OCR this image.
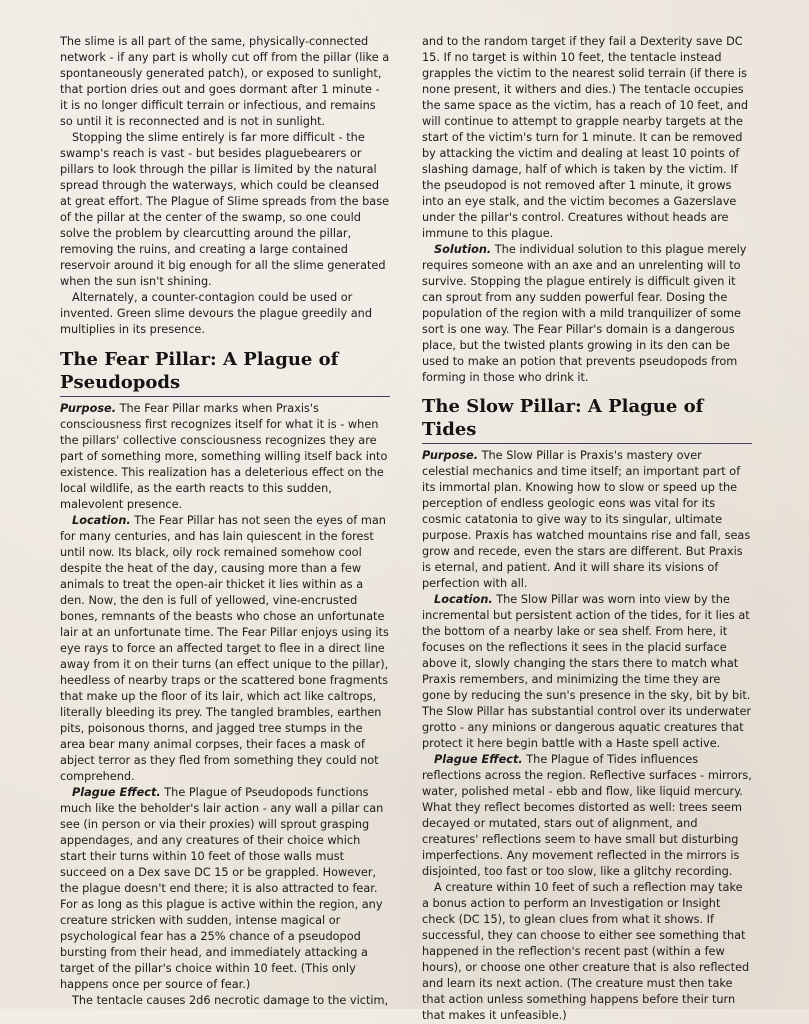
The slime is all part of the same, physically-connected network - if any part is wholly cut off from the pillar (like a spontaneously generated patch), or exposed to sunlight, that portion dries out and goes dormant after 1 minute - it is no longer difficult terrain or infectious, and remains so until it is reconnected and is not in sunlight.

Stopping the slime entirely is far more difficult - the swamp's reach is vast - but besides plaguebearers or pillars to look through the pillar is limited by the natural spread through the waterways, which could be cleansed at great effort. The Plague of Slime spreads from the base of the pillar at the center of the swamp, so one could solve the problem by clearcutting around the pillar, removing the ruins, and creating a large contained reservoir around it big enough for all the slime generated when the sun isn't shining.

Alternately, a counter-contagion could be used or invented. Green slime devours the plague greedily and multiplies in its presence.

The Fear Pillar: A Plague of Pseudopods

Purpose. The Fear Pillar marks when Praxis's consciousness first recognizes itself for what it is - when the pillars' collective consciousness recognizes they are part of something more, something willing itself back into existence. This realization has a deleterious effect on the local wildlife, as the earth reacts to this sudden, malevolent presence.

Location. The Fear Pillar has not seen the eyes of man for many centuries, and has lain quiescent in the forest until now. Its black, oily rock remained somehow cool despite the heat of the day, causing more than a few animals to treat the open-air thicket it lies within as a den. Now, the den is full of yellowed, vine-encrusted bones, remnants of the beasts who chose an unfortunate lair at an unfortunate time. The Fear Pillar enjoys using its eye rays to force an affected target to flee in a direct line away from it on their turns (an effect unique to the pillar), heedless of nearby traps or the scattered bone fragments that make up the floor of its lair, which act like caltrops, literally bleeding its prey. The tangled brambles, earthen pits, poisonous thorns, and jagged tree stumps in the area bear many animal corpses, their faces a mask of abject terror as they fled from something they could not comprehend.

Plague Effect. The Plague of Pseudopods functions much like the beholder's lair action - any wall a pillar can see (in person or via their proxies) will sprout grasping appendages, and any creatures of their choice which start their turns within 10 feet of those walls must succeed on a Dex save DC 15 or be grappled. However, the plague doesn't end there; it is also attracted to fear. For as long as this plague is active within the region, any creature stricken with sudden, intense magical or psychological fear has a 25% chance of a pseudopod bursting from their head, and immediately attacking a target of the pillar's choice within 10 feet. (This only happens once per source of fear.)

The tentacle causes 2d6 necrotic damage to the victim,

and to the random target if they fail a Dexterity save DC 15. If no target is within 10 feet, the tentacle instead grapples the victim to the nearest solid terrain (if there is none present, it withers and dies.) The tentacle occupies the same space as the victim, has a reach of 10 feet, and will continue to attempt to grapple nearby targets at the start of the victim's turn for 1 minute. It can be removed by attacking the victim and dealing at least 10 points of slashing damage, half of which is taken by the victim. If the pseudopod is not removed after 1 minute, it grows into an eye stalk, and the victim becomes a Gazerslave under the pillar's control. Creatures without heads are immune to this plague.

Solution. The individual solution to this plague merely requires someone with an axe and an unrelenting will to survive. Stopping the plague entirely is difficult given it can sprout from any sudden powerful fear. Dosing the population of the region with a mild tranquilizer of some sort is one way. The Fear Pillar's domain is a dangerous place, but the twisted plants growing in its den can be used to make an potion that prevents pseudopods from forming in those who drink it.

The Slow Pillar: A Plague of Tides

Purpose. The Slow Pillar is Praxis's mastery over celestial mechanics and time itself; an important part of its immortal plan. Knowing how to slow or speed up the perception of endless geologic eons was vital for its cosmic catatonia to give way to its singular, ultimate purpose. Praxis has watched mountains rise and fall, seas grow and recede, even the stars are different. But Praxis is eternal, and patient. And it will share its visions of perfection with all.

Location. The Slow Pillar was worn into view by the incremental but persistent action of the tides, for it lies at the bottom of a nearby lake or sea shelf. From here, it focuses on the reflections it sees in the placid surface above it, slowly changing the stars there to match what Praxis remembers, and minimizing the time they are gone by reducing the sun's presence in the sky, bit by bit. The Slow Pillar has substantial control over its underwater grotto - any minions or dangerous aquatic creatures that protect it here begin battle with a Haste spell active.

Plague Effect. The Plague of Tides influences reflections across the region. Reflective surfaces - mirrors, water, polished metal - ebb and flow, like liquid mercury. What they reflect becomes distorted as well: trees seem decayed or mutated, stars out of alignment, and creatures' reflections seem to have small but disturbing imperfections. Any movement reflected in the mirrors is disjointed, too fast or too slow, like a glitchy recording.

A creature within 10 feet of such a reflection may take a bonus action to perform an Investigation or Insight check (DC 15), to glean clues from what it shows. If successful, they can choose to either see something that happened in the reflection's recent past (within a few hours), or choose one other creature that is also reflected and learn its next action. (The creature must then take that action unless something happens before their turn that makes it unfeasible.)
